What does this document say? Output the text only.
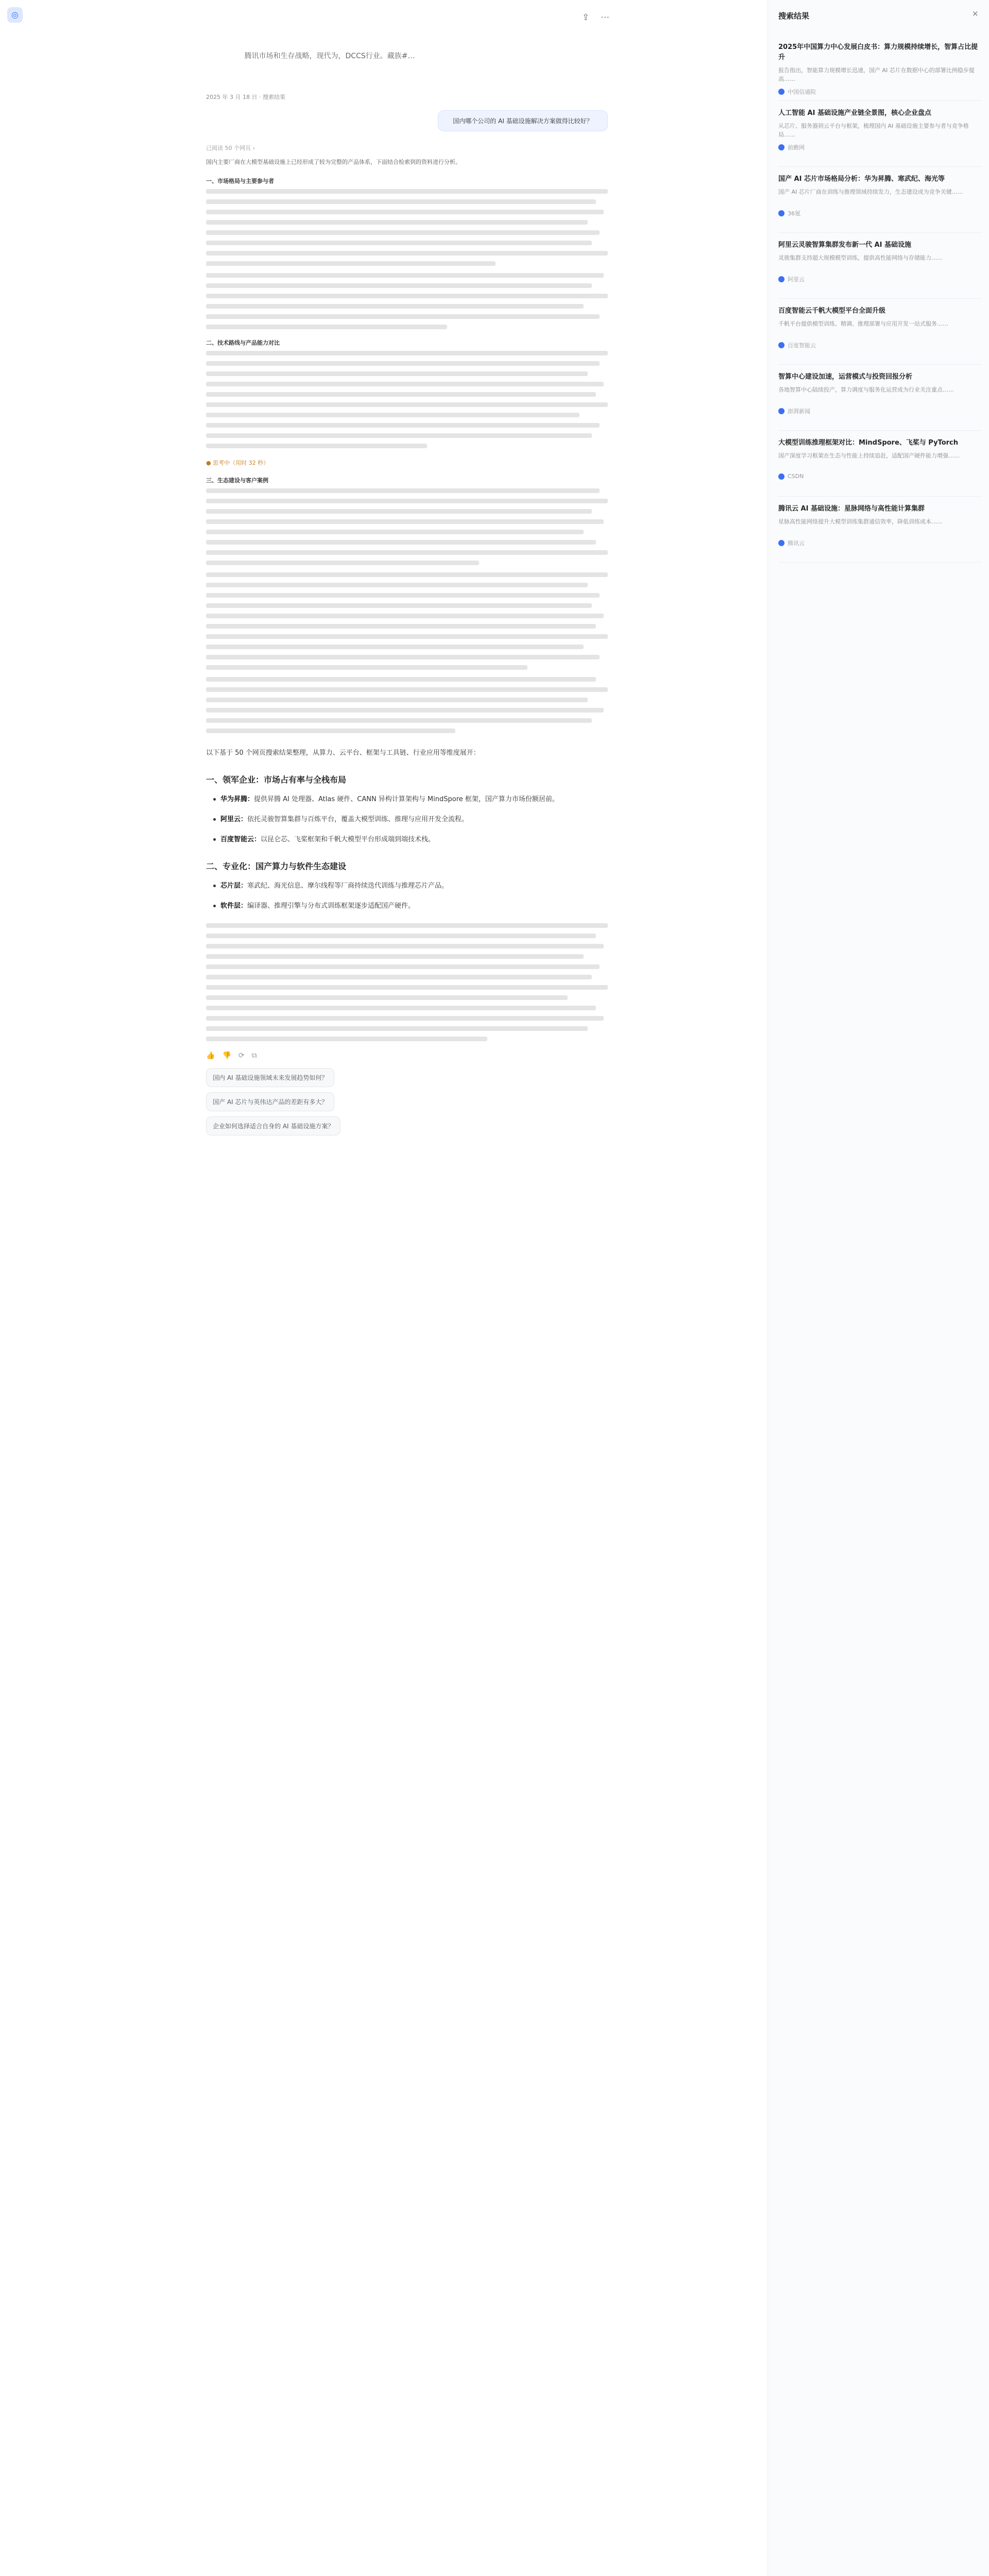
◎
腾讯市场和生存战略，现代为，DCCS行业。藏族#…
⇪ ⋯
2025 年 3 月 18 日 · 搜索结果
国内哪个公司的 AI 基础设施解决方案做得比较好？
已阅读 50 个网页 ›
国内主要厂商在大模型基础设施上已经形成了较为完整的产品体系，下面结合检索到的资料进行分析。
一、市场格局与主要参与者
二、技术路线与产品能力对比
● 思考中（用时 32 秒）
三、生态建设与客户案例
以下基于 50 个网页搜索结果整理，从算力、云平台、框架与工具链、行业应用等维度展开：
一、领军企业：市场占有率与全栈布局
华为昇腾：提供昇腾 AI 处理器、Atlas 硬件、CANN 异构计算架构与 MindSpore 框架，国产算力市场份额居前。
阿里云：依托灵骏智算集群与百炼平台，覆盖大模型训练、推理与应用开发全流程。
百度智能云：以昆仑芯、飞桨框架和千帆大模型平台形成端到端技术栈。
二、专业化：国产算力与软件生态建设
芯片层：寒武纪、海光信息、摩尔线程等厂商持续迭代训练与推理芯片产品。
软件层：编译器、推理引擎与分布式训练框架逐步适配国产硬件。
👍 👎 ⟳ ⧉
国内 AI 基础设施领域未来发展趋势如何？
国产 AI 芯片与英伟达产品的差距有多大？
企业如何选择适合自身的 AI 基础设施方案？
搜索结果	✕
2025年中国算力中心发展白皮书：算力规模持续增长，智算占比提升
报告指出，智能算力规模增长迅速，国产 AI 芯片在数据中心的部署比例稳步提高……
中国信通院
人工智能 AI 基础设施产业链全景图，核心企业盘点
从芯片、服务器到云平台与框架，梳理国内 AI 基础设施主要参与者与竞争格局……
前瞻网
国产 AI 芯片市场格局分析：华为昇腾、寒武纪、海光等
国产 AI 芯片厂商在训练与推理领域持续发力，生态建设成为竞争关键……
36氪
阿里云灵骏智算集群发布新一代 AI 基础设施
灵骏集群支持超大规模模型训练，提供高性能网络与存储能力……
阿里云
百度智能云千帆大模型平台全面升级
千帆平台提供模型训练、精调、推理部署与应用开发一站式服务……
百度智能云
智算中心建设加速，运营模式与投资回报分析
各地智算中心陆续投产，算力调度与服务化运营成为行业关注重点……
澎湃新闻
大模型训练推理框架对比：MindSpore、飞桨与 PyTorch
国产深度学习框架在生态与性能上持续追赶，适配国产硬件能力增强……
CSDN
腾讯云 AI 基础设施：星脉网络与高性能计算集群
星脉高性能网络提升大模型训练集群通信效率，降低训练成本……
腾讯云
